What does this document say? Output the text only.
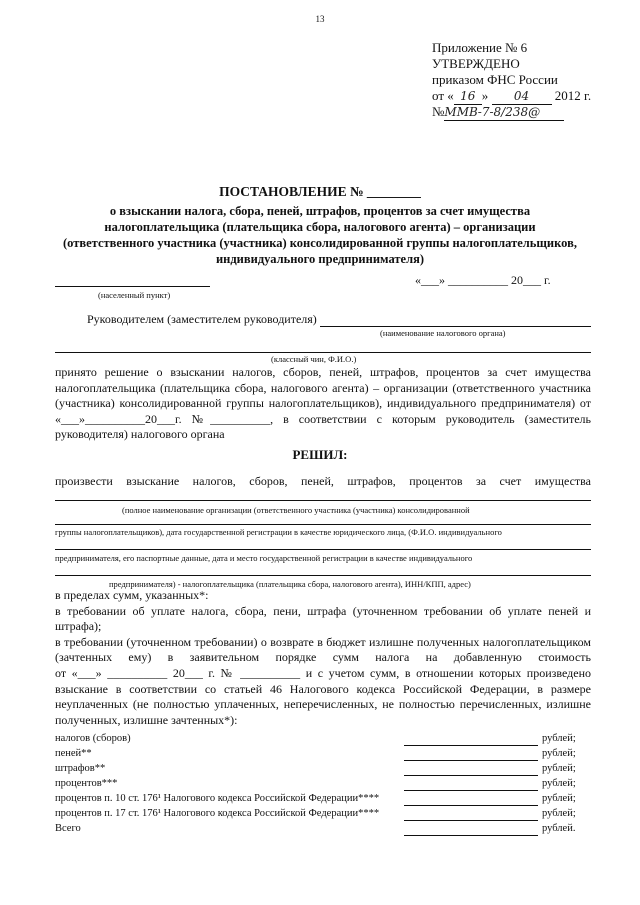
13
Приложение № 6
УТВЕРЖДЕНО
приказом ФНС России
от « 16 » 04 2012 г.
№ММВ-7-8/238@
ПОСТАНОВЛЕНИЕ № ________
о взыскании налога, сбора, пеней, штрафов, процентов за счет имущества
налогоплательщика (плательщика сбора, налогового агента) – организации
(ответственного участника (участника) консолидированной группы налогоплательщиков,
индивидуального предпринимателя)
(населенный пункт)
«___» __________ 20___ г.
Руководителем (заместителем руководителя)
(наименование налогового органа)
(классный чин, Ф.И.О.)
принято решение о взыскании налогов, сборов, пеней, штрафов, процентов за счет имущества
налогоплательщика (плательщика сбора, налогового агента) – организации (ответственного участника
(участника) консолидированной группы налогоплательщиков), индивидуального предпринимателя) от
«___»__________20___г. №__________, в соответствии с которым руководитель (заместитель
руководителя) налогового органа
РЕШИЛ:
произвести взыскание налогов, сборов, пеней, штрафов, процентов за счет имущества
(полное наименование организации (ответственного участника (участника) консолидированной
группы налогоплательщиков), дата государственной регистрации в качестве юридического лица, (Ф.И.О. индивидуального
предпринимателя, его паспортные данные, дата и место государственной регистрации в качестве индивидуального
предпринимателя) - налогоплательщика (плательщика сбора, налогового агента), ИНН/КПП, адрес)
в пределах сумм, указанных*:
в требовании об уплате налога, сбора, пени, штрафа (уточненном требовании об уплате пеней и
штрафа);
в требовании (уточненном требовании) о возврате в бюджет излишне полученных налогоплательщиком
(зачтенных ему) в заявительном порядке сумм налога на добавленную стоимость
от «___» __________ 20___ г. № __________ и с учетом сумм, в отношении которых произведено
взыскание в соответствии со статьей 46 Налогового кодекса Российской Федерации, в размере
неуплаченных (не полностью уплаченных, неперечисленных, не полностью перечисленных, излишне
полученных, излишне зачтенных*):
налогов (сборов)	рублей;
пеней**	рублей;
штрафов**	рублей;
процентов***	рублей;
процентов п. 10 ст. 176¹ Налогового кодекса Российской Федерации****	рублей;
процентов п. 17 ст. 176¹ Налогового кодекса Российской Федерации****	рублей;
Всего	рублей.
